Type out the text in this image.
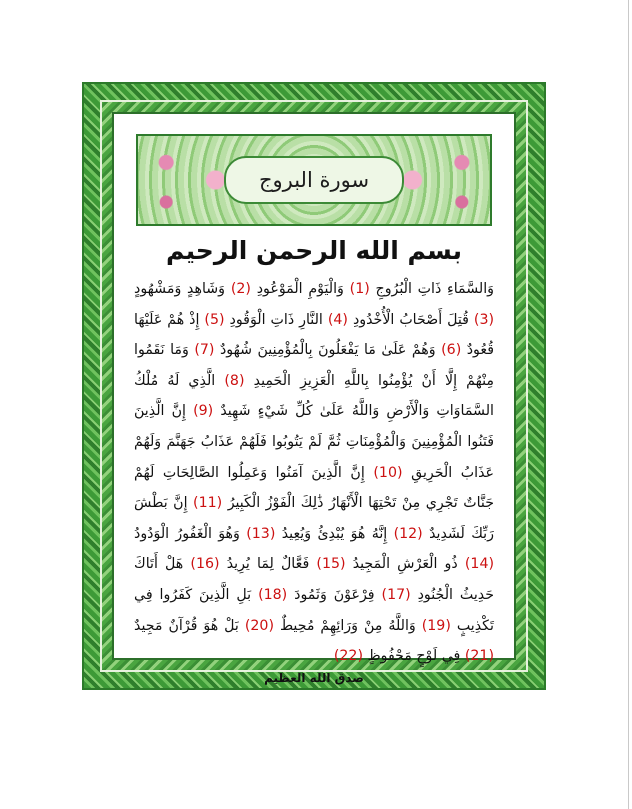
سورة البروج
بسم الله الرحمن الرحيم
وَالسَّمَاءِ ذَاتِ الْبُرُوجِ (1) وَالْيَوْمِ الْمَوْعُودِ (2) وَشَاهِدٍ وَمَشْهُودٍ (3) قُتِلَ أَصْحَابُ الْأُخْدُودِ (4) النَّارِ ذَاتِ الْوَقُودِ (5) إِذْ هُمْ عَلَيْهَا قُعُودٌ (6) وَهُمْ عَلَىٰ مَا يَفْعَلُونَ بِالْمُؤْمِنِينَ شُهُودٌ (7) وَمَا نَقَمُوا مِنْهُمْ إِلَّا أَنْ يُؤْمِنُوا بِاللَّهِ الْعَزِيزِ الْحَمِيدِ (8) الَّذِي لَهُ مُلْكُ السَّمَاوَاتِ وَالْأَرْضِ وَاللَّهُ عَلَىٰ كُلِّ شَيْءٍ شَهِيدٌ (9) إِنَّ الَّذِينَ فَتَنُوا الْمُؤْمِنِينَ وَالْمُؤْمِنَاتِ ثُمَّ لَمْ يَتُوبُوا فَلَهُمْ عَذَابُ جَهَنَّمَ وَلَهُمْ عَذَابُ الْحَرِيقِ (10) إِنَّ الَّذِينَ آمَنُوا وَعَمِلُوا الصَّالِحَاتِ لَهُمْ جَنَّاتٌ تَجْرِي مِنْ تَحْتِهَا الْأَنْهَارُ ذَٰلِكَ الْفَوْزُ الْكَبِيرُ (11) إِنَّ بَطْشَ رَبِّكَ لَشَدِيدٌ (12) إِنَّهُ هُوَ يُبْدِئُ وَيُعِيدُ (13) وَهُوَ الْغَفُورُ الْوَدُودُ (14) ذُو الْعَرْشِ الْمَجِيدُ (15) فَعَّالٌ لِمَا يُرِيدُ (16) هَلْ أَتَاكَ حَدِيثُ الْجُنُودِ (17) فِرْعَوْنَ وَثَمُودَ (18) بَلِ الَّذِينَ كَفَرُوا فِي تَكْذِيبٍ (19) وَاللَّهُ مِنْ وَرَائِهِمْ مُحِيطٌ (20) بَلْ هُوَ قُرْآنٌ مَجِيدٌ (21) فِي لَوْحٍ مَحْفُوظٍ (22)
صدق الله العظيم
